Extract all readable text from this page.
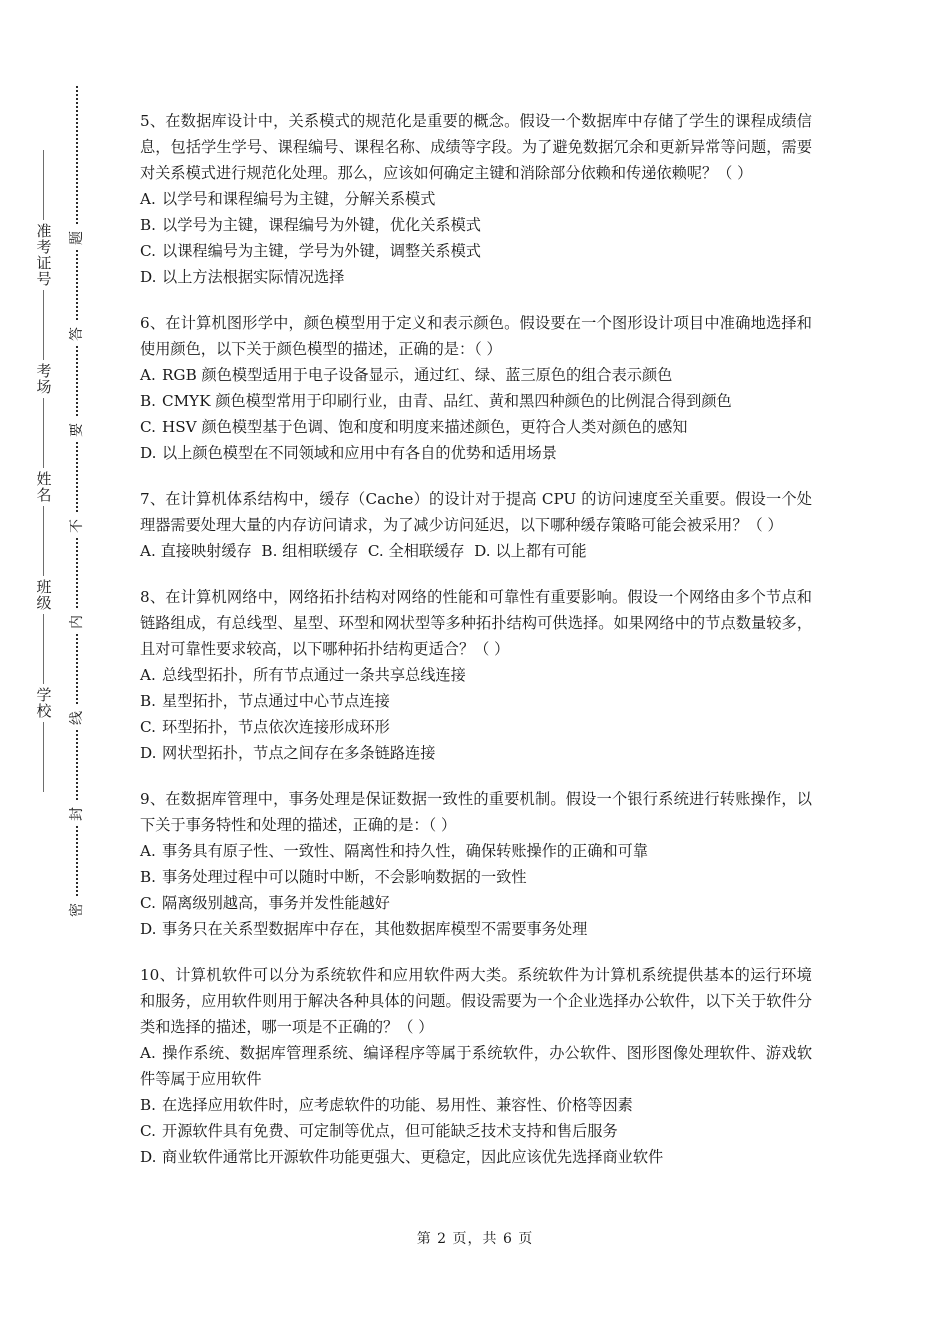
准考证号
考场
姓名
班级
学校
题
答
要
不
内
线
封
密

5、在数据库设计中，关系模式的规范化是重要的概念。假设一个数据库中存储了学生的课程成绩信息，包括学生学号、课程编号、课程名称、成绩等字段。为了避免数据冗余和更新异常等问题，需要对关系模式进行规范化处理。那么，应该如何确定主键和消除部分依赖和传递依赖呢？（ ）

A. 以学号和课程编号为主键，分解关系模式

B. 以学号为主键，课程编号为外键，优化关系模式

C. 以课程编号为主键，学号为外键，调整关系模式

D. 以上方法根据实际情况选择

6、在计算机图形学中，颜色模型用于定义和表示颜色。假设要在一个图形设计项目中准确地选择和使用颜色，以下关于颜色模型的描述，正确的是：（ ）

A. RGB 颜色模型适用于电子设备显示，通过红、绿、蓝三原色的组合表示颜色

B. CMYK 颜色模型常用于印刷行业，由青、品红、黄和黑四种颜色的比例混合得到颜色

C. HSV 颜色模型基于色调、饱和度和明度来描述颜色，更符合人类对颜色的感知

D. 以上颜色模型在不同领域和应用中有各自的优势和适用场景

7、在计算机体系结构中，缓存（Cache）的设计对于提高 CPU 的访问速度至关重要。假设一个处理器需要处理大量的内存访问请求，为了减少访问延迟，以下哪种缓存策略可能会被采用？（ ）

A. 直接映射缓存  B. 组相联缓存  C. 全相联缓存  D. 以上都有可能

8、在计算机网络中，网络拓扑结构对网络的性能和可靠性有重要影响。假设一个网络由多个节点和链路组成，有总线型、星型、环型和网状型等多种拓扑结构可供选择。如果网络中的节点数量较多，且对可靠性要求较高，以下哪种拓扑结构更适合？（ ）

A. 总线型拓扑，所有节点通过一条共享总线连接

B. 星型拓扑，节点通过中心节点连接

C. 环型拓扑，节点依次连接形成环形

D. 网状型拓扑，节点之间存在多条链路连接

9、在数据库管理中，事务处理是保证数据一致性的重要机制。假设一个银行系统进行转账操作，以下关于事务特性和处理的描述，正确的是：（ ）

A. 事务具有原子性、一致性、隔离性和持久性，确保转账操作的正确和可靠

B. 事务处理过程中可以随时中断，不会影响数据的一致性

C. 隔离级别越高，事务并发性能越好

D. 事务只在关系型数据库中存在，其他数据库模型不需要事务处理

10、计算机软件可以分为系统软件和应用软件两大类。系统软件为计算机系统提供基本的运行环境和服务，应用软件则用于解决各种具体的问题。假设需要为一个企业选择办公软件，以下关于软件分类和选择的描述，哪一项是不正确的？（ ）

A. 操作系统、数据库管理系统、编译程序等属于系统软件，办公软件、图形图像处理软件、游戏软件等属于应用软件

B. 在选择应用软件时，应考虑软件的功能、易用性、兼容性、价格等因素

C. 开源软件具有免费、可定制等优点，但可能缺乏技术支持和售后服务

D. 商业软件通常比开源软件功能更强大、更稳定，因此应该优先选择商业软件

第 2 页，共 6 页
